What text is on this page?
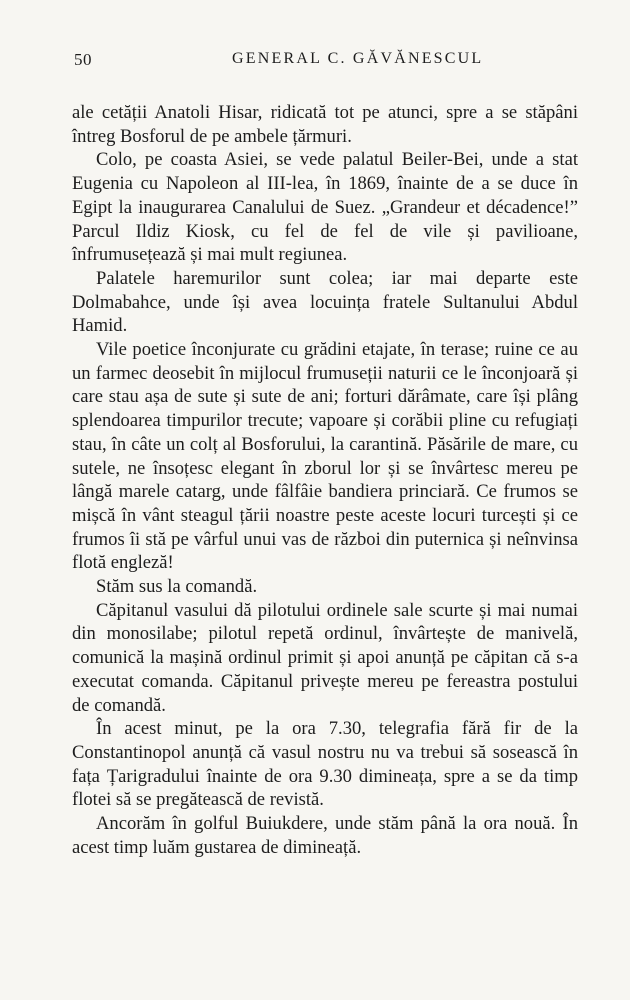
50	GENERAL C. GĂVĂNESCUL

ale cetății Anatoli Hisar, ridicată tot pe atunci, spre a se stăpâni întreg Bosforul de pe ambele țărmuri.

Colo, pe coasta Asiei, se vede palatul Beiler-Bei, unde a stat Eugenia cu Napoleon al III-lea, în 1869, înainte de a se duce în Egipt la inaugurarea Canalului de Suez. „Grandeur et décadence!” Parcul Ildiz Kiosk, cu fel de fel de vile și pavilioane, înfrumusețează și mai mult regiunea.

Palatele haremurilor sunt colea; iar mai departe este Dolmabahce, unde își avea locuința fratele Sultanului Abdul Hamid.

Vile poetice înconjurate cu grădini etajate, în terase; ruine ce au un farmec deosebit în mijlocul frumuseții naturii ce le înconjoară și care stau așa de sute și sute de ani; forturi dărâmate, care își plâng splendoarea timpurilor trecute; vapoare și corăbii pline cu refugiați stau, în câte un colț al Bosforului, la carantină. Păsările de mare, cu sutele, ne însoțesc elegant în zborul lor și se învârtesc mereu pe lângă marele catarg, unde fâlfâie bandiera princiară. Ce frumos se mișcă în vânt steagul țării noastre peste aceste locuri turcești și ce frumos îi stă pe vârful unui vas de război din puternica și neînvinsa flotă engleză!

Stăm sus la comandă.

Căpitanul vasului dă pilotului ordinele sale scurte și mai numai din monosilabe; pilotul repetă ordinul, învârtește de manivelă, comunică la mașină ordinul primit și apoi anunță pe căpitan că s-a executat comanda. Căpitanul privește mereu pe fereastra postului de comandă.

În acest minut, pe la ora 7.30, telegrafia fără fir de la Constantinopol anunță că vasul nostru nu va trebui să sosească în fața Țarigradului înainte de ora 9.30 dimineața, spre a se da timp flotei să se pregătească de revistă.

Ancorăm în golful Buiukdere, unde stăm până la ora nouă. În acest timp luăm gustarea de dimineață.
